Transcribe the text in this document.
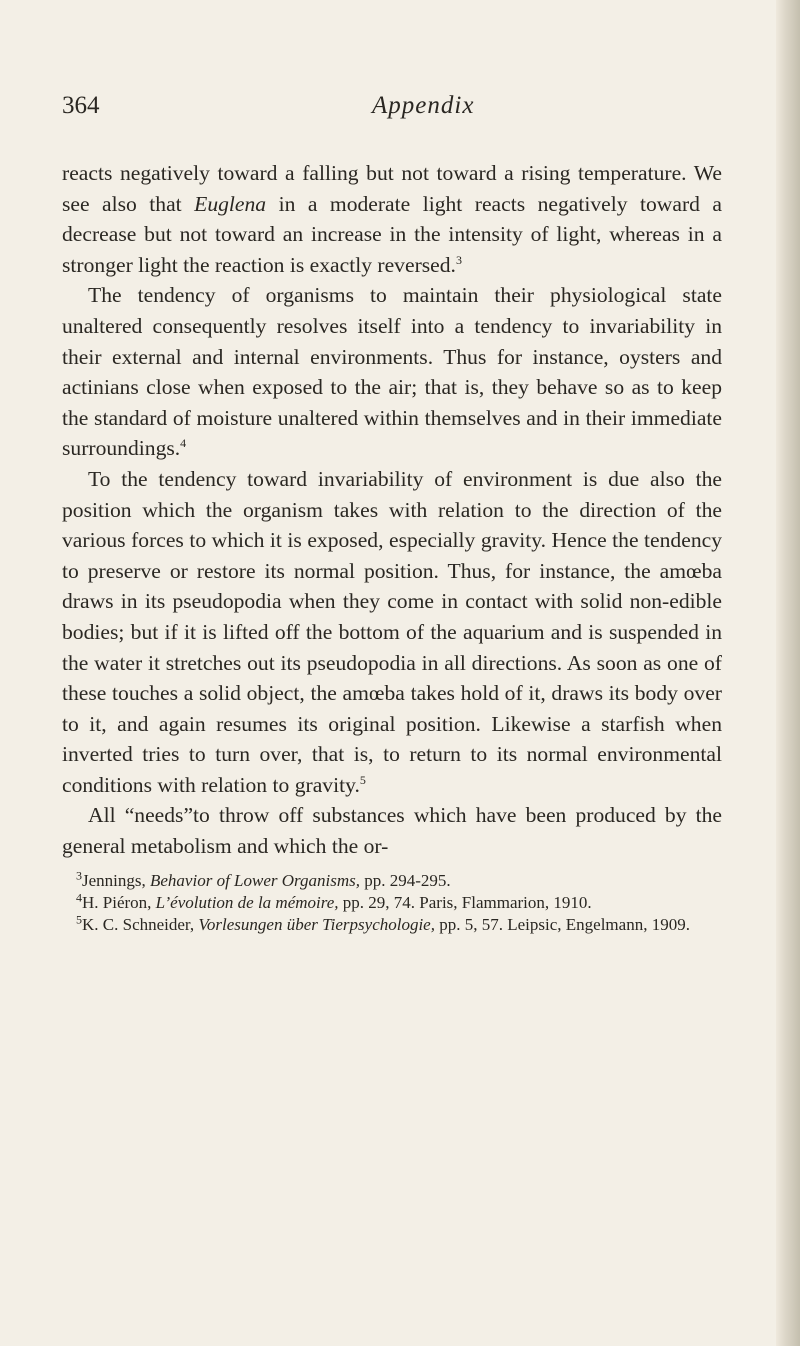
364	Appendix

reacts negatively toward a falling but not toward a rising temperature. We see also that Euglena in a moderate light reacts negatively toward a decrease but not toward an increase in the intensity of light, whereas in a stronger light the reaction is exactly reversed.$^3$

The tendency of organisms to maintain their physiological state unaltered consequently resolves itself into a tendency to invariability in their external and internal environments. Thus for instance, oysters and actinians close when exposed to the air; that is, they behave so as to keep the standard of moisture unaltered within themselves and in their immediate surroundings.$^4$

To the tendency toward invariability of environment is due also the position which the organism takes with relation to the direction of the various forces to which it is exposed, especially gravity. Hence the tendency to preserve or restore its normal position. Thus, for instance, the amœba draws in its pseudopodia when they come in contact with solid non-edible bodies; but if it is lifted off the bottom of the aquarium and is suspended in the water it stretches out its pseudopodia in all directions. As soon as one of these touches a solid object, the amœba takes hold of it, draws its body over to it, and again resumes its original position. Likewise a starfish when inverted tries to turn over, that is, to return to its normal environmental conditions with relation to gravity.$^5$

All “needs”to throw off substances which have been produced by the general metabolism and which the or-

$^3$Jennings, Behavior of Lower Organisms, pp. 294-295.

$^4$H. Piéron, L’évolution de la mémoire, pp. 29, 74. Paris, Flammarion, 1910.

$^5$K. C. Schneider, Vorlesungen über Tierpsychologie, pp. 5, 57. Leipsic, Engelmann, 1909.
